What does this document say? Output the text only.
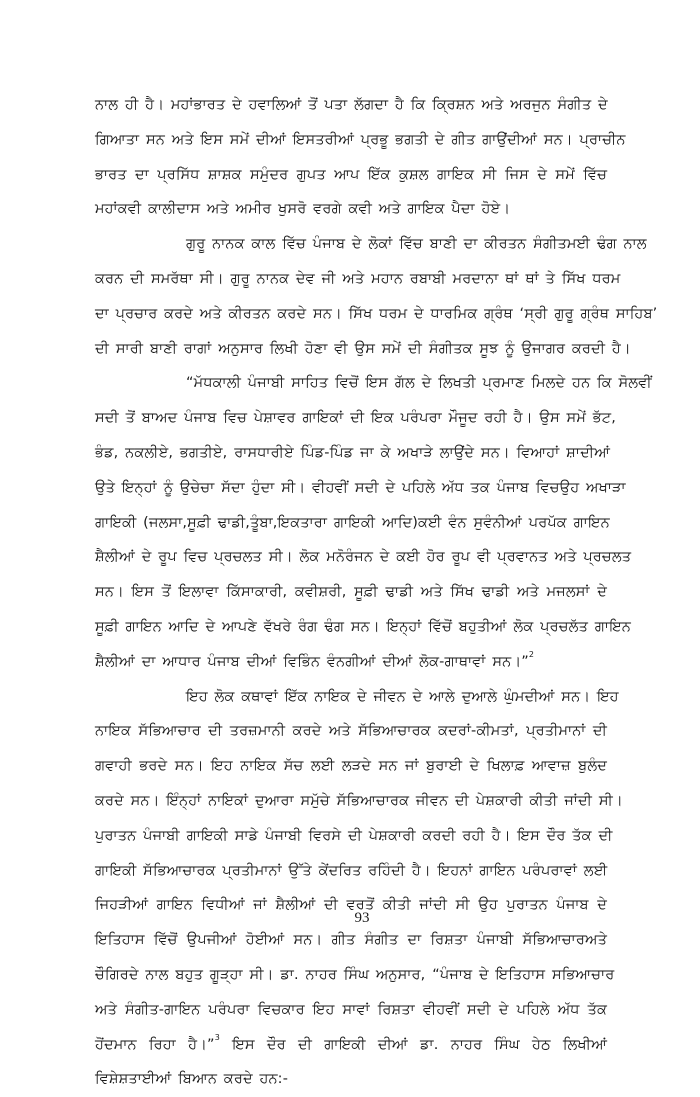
ਨਾਲ ਹੀ ਹੈ। ਮਹਾਂਭਾਰਤ ਦੇ ਹਵਾਲਿਆਂ ਤੋਂ ਪਤਾ ਲੱਗਦਾ ਹੈ ਕਿ ਕ੍ਰਿਸ਼ਨ ਅਤੇ ਅਰਜੁਨ ਸੰਗੀਤ ਦੇ
ਗਿਆਤਾ ਸਨ ਅਤੇ ਇਸ ਸਮੇਂ ਦੀਆਂ ਇਸਤਰੀਆਂ ਪ੍ਰਭੂ ਭਗਤੀ ਦੇ ਗੀਤ ਗਾਉਂਦੀਆਂ ਸਨ। ਪ੍ਰਾਚੀਨ
ਭਾਰਤ ਦਾ ਪ੍ਰਸਿੱਧ ਸ਼ਾਸ਼ਕ ਸਮੁੰਦਰ ਗੁਪਤ ਆਪ ਇੱਕ ਕੁਸ਼ਲ ਗਾਇਕ ਸੀ ਜਿਸ ਦੇ ਸਮੇਂ ਵਿੱਚ
ਮਹਾਂਕਵੀ ਕਾਲੀਦਾਸ ਅਤੇ ਅਮੀਰ ਖੁਸਰੋ ਵਰਗੇ ਕਵੀ ਅਤੇ ਗਾਇਕ ਪੈਦਾ ਹੋਏ।
ਗੁਰੂ ਨਾਨਕ ਕਾਲ ਵਿੱਚ ਪੰਜਾਬ ਦੇ ਲੋਕਾਂ ਵਿੱਚ ਬਾਣੀ ਦਾ ਕੀਰਤਨ ਸੰਗੀਤਮਈ ਢੰਗ ਨਾਲ
ਕਰਨ ਦੀ ਸਮਰੱਥਾ ਸੀ। ਗੁਰੂ ਨਾਨਕ ਦੇਵ ਜੀ ਅਤੇ ਮਹਾਨ ਰਬਾਬੀ ਮਰਦਾਨਾ ਥਾਂ ਥਾਂ ਤੇ ਸਿੱਖ ਧਰਮ
ਦਾ ਪ੍ਰਚਾਰ ਕਰਦੇ ਅਤੇ ਕੀਰਤਨ ਕਰਦੇ ਸਨ। ਸਿੱਖ ਧਰਮ ਦੇ ਧਾਰਮਿਕ ਗ੍ਰੰਥ ‘ਸ੍ਰੀ ਗੁਰੂ ਗ੍ਰੰਥ ਸਾਹਿਬ’
ਦੀ ਸਾਰੀ ਬਾਣੀ ਰਾਗਾਂ ਅਨੁਸਾਰ ਲਿਖੀ ਹੋਣਾ ਵੀ ਉਸ ਸਮੇਂ ਦੀ ਸੰਗੀਤਕ ਸੂਝ ਨੂੰ ਉਜਾਗਰ ਕਰਦੀ ਹੈ।
“ਮੱਧਕਾਲੀ ਪੰਜਾਬੀ ਸਾਹਿਤ ਵਿਚੋਂ ਇਸ ਗੱਲ ਦੇ ਲਿਖਤੀ ਪ੍ਰਮਾਣ ਮਿਲਦੇ ਹਨ ਕਿ ਸੋਲਵੀਂ
ਸਦੀ ਤੋਂ ਬਾਅਦ ਪੰਜਾਬ ਵਿਚ ਪੇਸ਼ਾਵਰ ਗਾਇਕਾਂ ਦੀ ਇਕ ਪਰੰਪਰਾ ਮੌਜੂਦ ਰਹੀ ਹੈ। ਉਸ ਸਮੇਂ ਭੱਟ,
ਭੰਡ, ਨਕਲੀਏ, ਭਗਤੀਏ, ਰਾਸਧਾਰੀਏ ਪਿੰਡ-ਪਿੰਡ ਜਾ ਕੇ ਅਖਾੜੇ ਲਾਉਂਦੇ ਸਨ। ਵਿਆਹਾਂ ਸ਼ਾਦੀਆਂ
ਉਤੇ ਇਨ੍ਹਾਂ ਨੂੰ ਉਚੇਚਾ ਸੱਦਾ ਹੁੰਦਾ ਸੀ। ਵੀਹਵੀਂ ਸਦੀ ਦੇ ਪਹਿਲੇ ਅੱਧ ਤਕ ਪੰਜਾਬ ਵਿਚਉਹ ਅਖਾੜਾ
ਗਾਇਕੀ (ਜਲਸਾ,ਸੂਫ਼ੀ ਢਾਡੀ,ਤੂੰਬਾ,ਇਕਤਾਰਾ ਗਾਇਕੀ ਆਦਿ)ਕਈ ਵੰਨ ਸੁਵੰਨੀਆਂ ਪਰਪੱਕ ਗਾਇਨ
ਸ਼ੈਲੀਆਂ ਦੇ ਰੂਪ ਵਿਚ ਪ੍ਰਚਲਤ ਸੀ। ਲੋਕ ਮਨੋਰੰਜਨ ਦੇ ਕਈ ਹੋਰ ਰੂਪ ਵੀ ਪ੍ਰਵਾਨਤ ਅਤੇ ਪ੍ਰਚਲਤ
ਸਨ। ਇਸ ਤੋਂ ਇਲਾਵਾ ਕਿੱਸਾਕਾਰੀ, ਕਵੀਸ਼ਰੀ, ਸੂਫ਼ੀ ਢਾਡੀ ਅਤੇ ਸਿੱਖ ਢਾਡੀ ਅਤੇ ਮਜਲਸਾਂ ਦੇ
ਸੂਫ਼ੀ ਗਾਇਨ ਆਦਿ ਦੇ ਆਪਣੇ ਵੱਖਰੇ ਰੰਗ ਢੰਗ ਸਨ। ਇਨ੍ਹਾਂ ਵਿੱਚੋਂ ਬਹੁਤੀਆਂ ਲੋਕ ਪ੍ਰਚਲੱਤ ਗਾਇਨ
ਸ਼ੈਲੀਆਂ ਦਾ ਆਧਾਰ ਪੰਜਾਬ ਦੀਆਂ ਵਿਭਿੰਨ ਵੰਨਗੀਆਂ ਦੀਆਂ ਲੋਕ-ਗਾਥਾਵਾਂ ਸਨ।”$^2$
ਇਹ ਲੋਕ ਕਥਾਵਾਂ ਇੱਕ ਨਾਇਕ ਦੇ ਜੀਵਨ ਦੇ ਆਲੇ ਦੁਆਲੇ ਘੁੰਮਦੀਆਂ ਸਨ। ਇਹ
ਨਾਇਕ ਸੱਭਿਆਚਾਰ ਦੀ ਤਰਜ਼ਮਾਨੀ ਕਰਦੇ ਅਤੇ ਸੱਭਿਆਚਾਰਕ ਕਦਰਾਂ-ਕੀਮਤਾਂ, ਪ੍ਰਤੀਮਾਨਾਂ ਦੀ
ਗਵਾਹੀ ਭਰਦੇ ਸਨ। ਇਹ ਨਾਇਕ ਸੱਚ ਲਈ ਲੜਦੇ ਸਨ ਜਾਂ ਬੁਰਾਈ ਦੇ ਖਿਲਾਫ਼ ਆਵਾਜ਼ ਬੁਲੰਦ
ਕਰਦੇ ਸਨ। ਇੰਨ੍ਹਾਂ ਨਾਇਕਾਂ ਦੁਆਰਾ ਸਮੁੱਚੇ ਸੱਭਿਆਚਾਰਕ ਜੀਵਨ ਦੀ ਪੇਸ਼ਕਾਰੀ ਕੀਤੀ ਜਾਂਦੀ ਸੀ।
ਪੁਰਾਤਨ ਪੰਜਾਬੀ ਗਾਇਕੀ ਸਾਡੇ ਪੰਜਾਬੀ ਵਿਰਸੇ ਦੀ ਪੇਸ਼ਕਾਰੀ ਕਰਦੀ ਰਹੀ ਹੈ। ਇਸ ਦੌਰ ਤੱਕ ਦੀ
ਗਾਇਕੀ ਸੱਭਿਆਚਾਰਕ ਪ੍ਰਤੀਮਾਨਾਂ ਉੱਤੇ ਕੇਂਦਰਿਤ ਰਹਿੰਦੀ ਹੈ। ਇਹਨਾਂ ਗਾਇਨ ਪਰੰਪਰਾਵਾਂ ਲਈ
ਜਿਹੜੀਆਂ ਗਾਇਨ ਵਿਧੀਆਂ ਜਾਂ ਸ਼ੈਲੀਆਂ ਦੀ ਵਰਤੋਂ ਕੀਤੀ ਜਾਂਦੀ ਸੀ ਉਹ ਪੁਰਾਤਨ ਪੰਜਾਬ ਦੇ
ਇਤਿਹਾਸ ਵਿੱਚੋਂ ਉਪਜੀਆਂ ਹੋਈਆਂ ਸਨ। ਗੀਤ ਸੰਗੀਤ ਦਾ ਰਿਸ਼ਤਾ ਪੰਜਾਬੀ ਸੱਭਿਆਚਾਰਅਤੇ
ਚੌਗਿਰਦੇ ਨਾਲ ਬਹੁਤ ਗੂੜ੍ਹਾ ਸੀ। ਡਾ. ਨਾਹਰ ਸਿੰਘ ਅਨੁਸਾਰ, “ਪੰਜਾਬ ਦੇ ਇਤਿਹਾਸ ਸਭਿਆਚਾਰ
ਅਤੇ ਸੰਗੀਤ-ਗਾਇਨ ਪਰੰਪਰਾ ਵਿਚਕਾਰ ਇਹ ਸਾਵਾਂ ਰਿਸ਼ਤਾ ਵੀਹਵੀਂ ਸਦੀ ਦੇ ਪਹਿਲੇ ਅੱਧ ਤੱਕ
ਹੋਂਦਮਾਨ ਰਿਹਾ ਹੈ।”$^3$ ਇਸ ਦੌਰ ਦੀ ਗਾਇਕੀ ਦੀਆਂ ਡਾ. ਨਾਹਰ ਸਿੰਘ ਹੇਠ ਲਿਖੀਆਂ
ਵਿਸ਼ੇਸ਼ਤਾਈਆਂ ਬਿਆਨ ਕਰਦੇ ਹਨ:-
93
